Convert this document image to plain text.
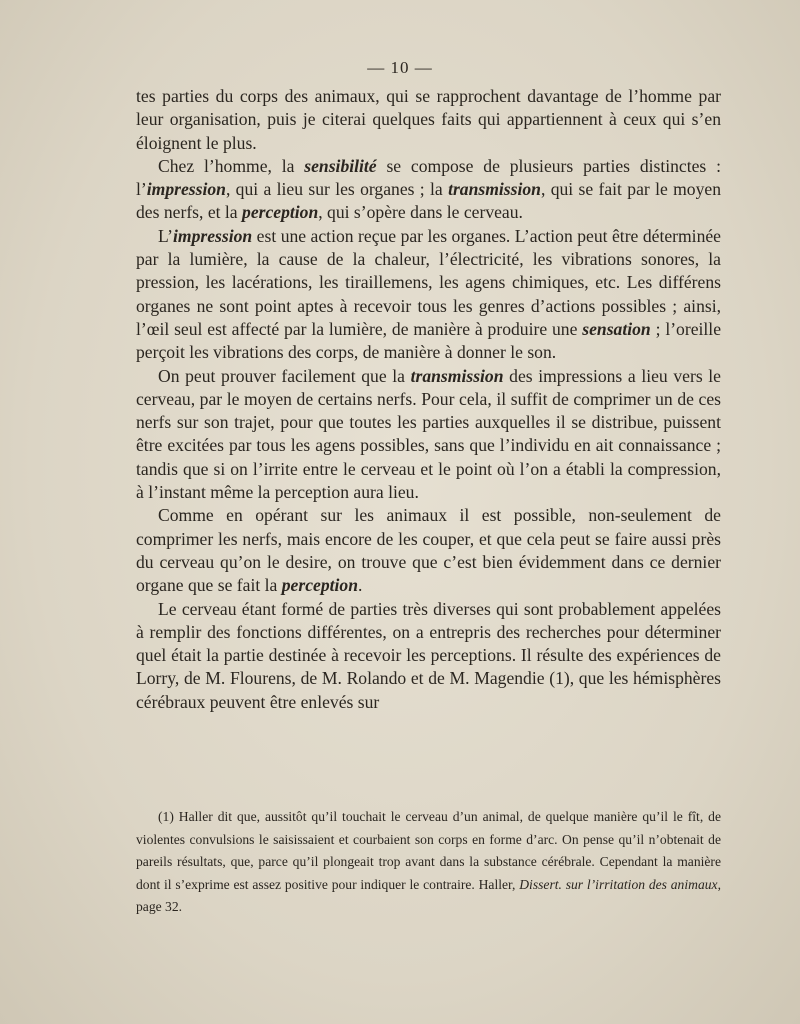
— 10 —

tes parties du corps des animaux, qui se rapprochent davantage de l’homme par leur organisation, puis je citerai quelques faits qui appartiennent à ceux qui s’en éloignent le plus.

Chez l’homme, la sensibilité se compose de plusieurs parties distinctes : l’impression, qui a lieu sur les organes ; la transmission, qui se fait par le moyen des nerfs, et la perception, qui s’opère dans le cerveau.

L’impression est une action reçue par les organes. L’action peut être déterminée par la lumière, la cause de la chaleur, l’électricité, les vibrations sonores, la pression, les lacérations, les tiraillemens, les agens chimiques, etc. Les différens organes ne sont point aptes à recevoir tous les genres d’actions possibles ; ainsi, l’œil seul est affecté par la lumière, de manière à produire une sensation ; l’oreille perçoit les vibrations des corps, de manière à donner le son.

On peut prouver facilement que la transmission des impressions a lieu vers le cerveau, par le moyen de certains nerfs. Pour cela, il suffit de comprimer un de ces nerfs sur son trajet, pour que toutes les parties auxquelles il se distribue, puissent être excitées par tous les agens possibles, sans que l’individu en ait connaissance ; tandis que si on l’irrite entre le cerveau et le point où l’on a établi la compression, à l’instant même la perception aura lieu.

Comme en opérant sur les animaux il est possible, non-seulement de comprimer les nerfs, mais encore de les couper, et que cela peut se faire aussi près du cerveau qu’on le desire, on trouve que c’est bien évidemment dans ce dernier organe que se fait la perception.

Le cerveau étant formé de parties très diverses qui sont probablement appelées à remplir des fonctions différentes, on a entrepris des recherches pour déterminer quel était la partie destinée à recevoir les perceptions. Il résulte des expériences de Lorry, de M. Flourens, de M. Rolando et de M. Magendie (1), que les hémisphères cérébraux peuvent être enlevés sur

(1) Haller dit que, aussitôt qu’il touchait le cerveau d’un animal, de quelque manière qu’il le fît, de violentes convulsions le saisissaient et courbaient son corps en forme d’arc. On pense qu’il n’obtenait de pareils résultats, que, parce qu’il plongeait trop avant dans la substance cérébrale. Cependant la manière dont il s’exprime est assez positive pour indiquer le contraire. Haller, Dissert. sur l’irritation des animaux, page 32.
